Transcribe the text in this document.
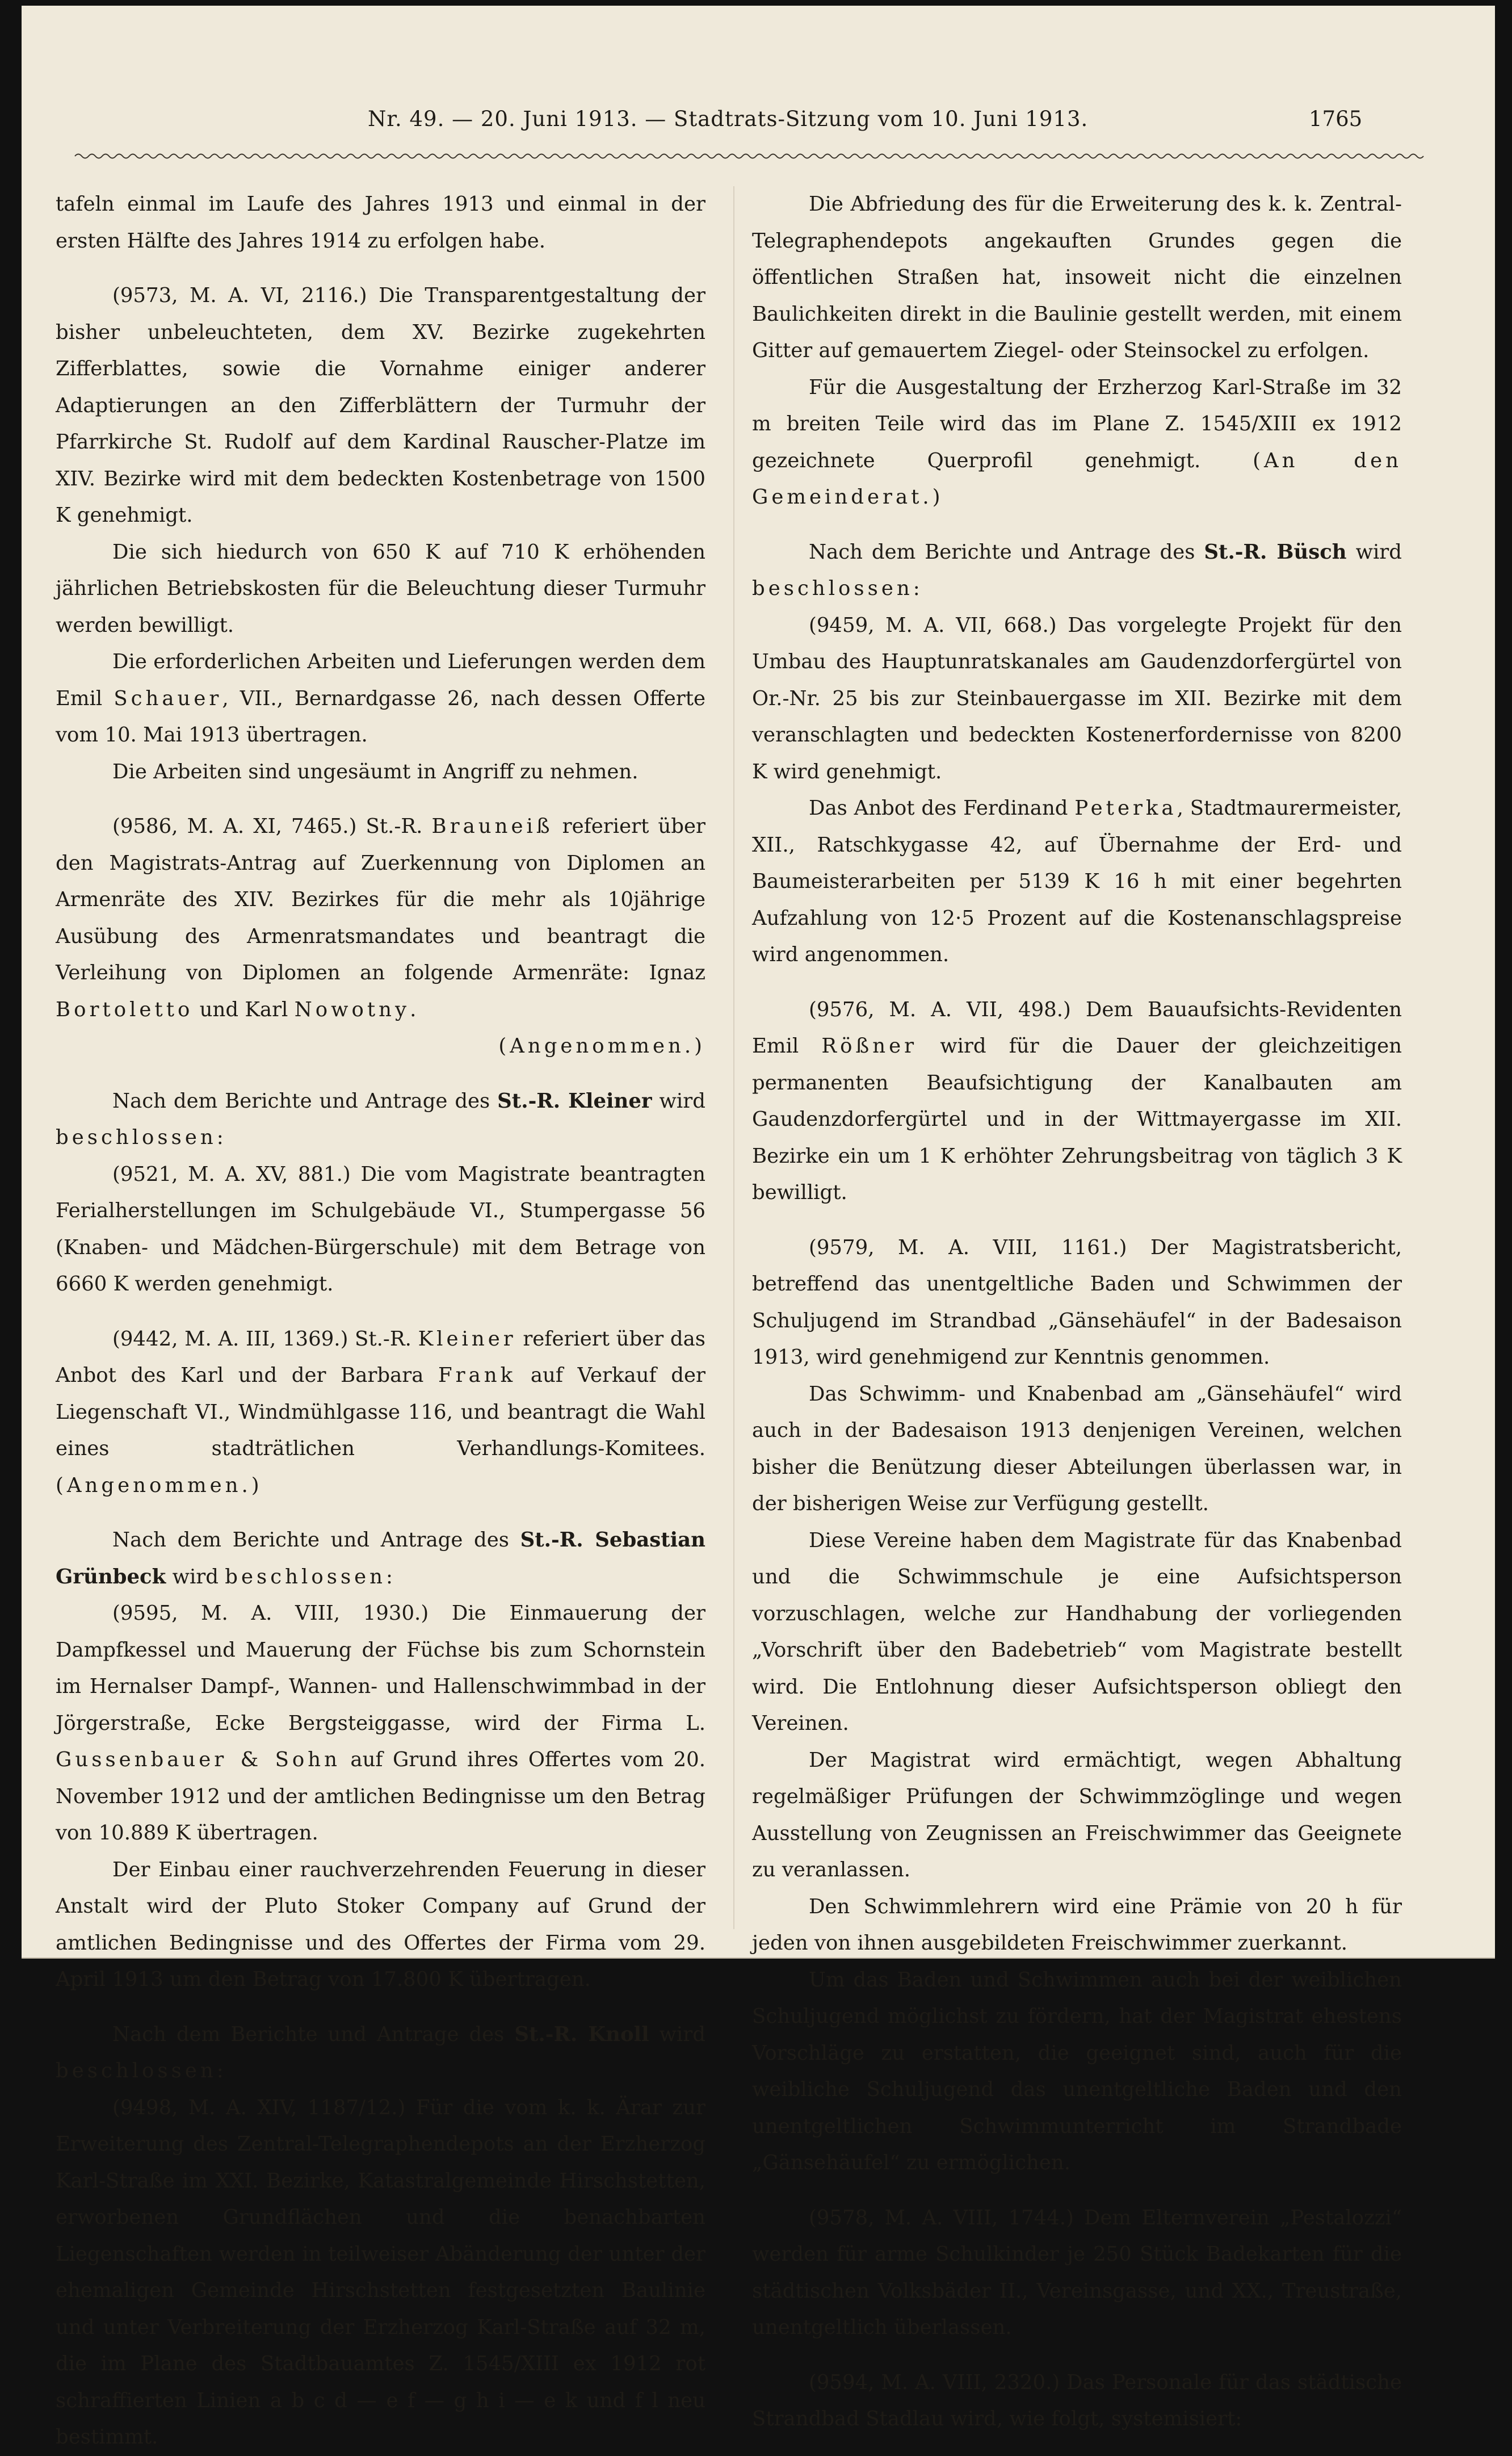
Nr. 49. — 20. Juni 1913. — Stadtrats-Sitzung vom 10. Juni 1913.	1765

tafeln einmal im Laufe des Jahres 1913 und einmal in der ersten Hälfte des Jahres 1914 zu erfolgen habe.

(9573, M. A. VI, 2116.) Die Transparentgestaltung der bisher unbeleuchteten, dem XV. Bezirke zugekehrten Zifferblattes, sowie die Vornahme einiger anderer Adaptierungen an den Zifferblättern der Turmuhr der Pfarrkirche St. Rudolf auf dem Kardinal Rauscher-Platze im XIV. Bezirke wird mit dem bedeckten Kostenbetrage von 1500 K genehmigt.

Die sich hiedurch von 650 K auf 710 K erhöhenden jährlichen Betriebskosten für die Beleuchtung dieser Turmuhr werden bewilligt.

Die erforderlichen Arbeiten und Lieferungen werden dem Emil Schauer, VII., Bernardgasse 26, nach dessen Offerte vom 10. Mai 1913 übertragen.

Die Arbeiten sind ungesäumt in Angriff zu nehmen.

(9586, M. A. XI, 7465.) St.-R. Brauneiß referiert über den Magistrats-Antrag auf Zuerkennung von Diplomen an Armenräte des XIV. Bezirkes für die mehr als 10jährige Ausübung des Armenratsmandates und beantragt die Verleihung von Diplomen an folgende Armenräte: Ignaz Bortoletto und Karl Nowotny.

(Angenommen.)

Nach dem Berichte und Antrage des St.-R. Kleiner wird beschlossen:

(9521, M. A. XV, 881.) Die vom Magistrate beantragten Ferialherstellungen im Schulgebäude VI., Stumpergasse 56 (Knaben- und Mädchen-Bürgerschule) mit dem Betrage von 6660 K werden genehmigt.

(9442, M. A. III, 1369.) St.-R. Kleiner referiert über das Anbot des Karl und der Barbara Frank auf Verkauf der Liegenschaft VI., Windmühlgasse 116, und beantragt die Wahl eines stadträtlichen Verhandlungs-Komitees. (Angenommen.)

Nach dem Berichte und Antrage des St.-R. Sebastian Grünbeck wird beschlossen:

(9595, M. A. VIII, 1930.) Die Einmauerung der Dampfkessel und Mauerung der Füchse bis zum Schornstein im Hernalser Dampf-, Wannen- und Hallenschwimmbad in der Jörgerstraße, Ecke Bergsteiggasse, wird der Firma L. Gussenbauer & Sohn auf Grund ihres Offertes vom 20. November 1912 und der amtlichen Bedingnisse um den Betrag von 10.889 K übertragen.

Der Einbau einer rauchverzehrenden Feuerung in dieser Anstalt wird der Pluto Stoker Company auf Grund der amtlichen Bedingnisse und des Offertes der Firma vom 29. April 1913 um den Betrag von 17.800 K übertragen.

Nach dem Berichte und Antrage des St.-R. Knoll wird beschlossen:

(9498, M. A. XIV, 1187/12.) Für die vom k. k. Ärar zur Erweiterung des Zentral-Telegraphendepots an der Erzherzog Karl-Straße im XXI. Bezirke, Katastralgemeinde Hirschstetten, erworbenen Grundflächen und die benachbarten Liegenschaften werden in teilweiser Abänderung der unter der ehemaligen Gemeinde Hirschstetten festgesetzten Baulinie und unter Verbreiterung der Erzherzog Karl-Straße auf 32 m, die im Plane des Stadtbauamtes Z. 1545/XIII ex 1912 rot schraffierten Linien a b c d — e f — g h i — e k und f l neu bestimmt.

Die Abfriedung des für die Erweiterung des k. k. Zentral-Telegraphendepots angekauften Grundes gegen die öffentlichen Straßen hat, insoweit nicht die einzelnen Baulichkeiten direkt in die Baulinie gestellt werden, mit einem Gitter auf gemauertem Ziegel- oder Steinsockel zu erfolgen.

Für die Ausgestaltung der Erzherzog Karl-Straße im 32 m breiten Teile wird das im Plane Z. 1545/XIII ex 1912 gezeichnete Querprofil genehmigt.	(An den Gemeinderat.)

Nach dem Berichte und Antrage des St.-R. Büsch wird beschlossen:

(9459, M. A. VII, 668.) Das vorgelegte Projekt für den Umbau des Hauptunratskanales am Gaudenzdorfergürtel von Or.-Nr. 25 bis zur Steinbauergasse im XII. Bezirke mit dem veranschlagten und bedeckten Kostenerfordernisse von 8200 K wird genehmigt.

Das Anbot des Ferdinand Peterka, Stadtmaurermeister, XII., Ratschkygasse 42, auf Übernahme der Erd- und Baumeisterarbeiten per 5139 K 16 h mit einer begehrten Aufzahlung von 12·5 Prozent auf die Kostenanschlagspreise wird angenommen.

(9576, M. A. VII, 498.) Dem Bauaufsichts-Revidenten Emil Rößner wird für die Dauer der gleichzeitigen permanenten Beaufsichtigung der Kanalbauten am Gaudenzdorfergürtel und in der Wittmayergasse im XII. Bezirke ein um 1 K erhöhter Zehrungsbeitrag von täglich 3 K bewilligt.

(9579, M. A. VIII, 1161.) Der Magistratsbericht, betreffend das unentgeltliche Baden und Schwimmen der Schuljugend im Strandbad „Gänsehäufel“ in der Badesaison 1913, wird genehmigend zur Kenntnis genommen.

Das Schwimm- und Knabenbad am „Gänsehäufel“ wird auch in der Badesaison 1913 denjenigen Vereinen, welchen bisher die Benützung dieser Abteilungen überlassen war, in der bisherigen Weise zur Verfügung gestellt.

Diese Vereine haben dem Magistrate für das Knabenbad und die Schwimmschule je eine Aufsichtsperson vorzuschlagen, welche zur Handhabung der vorliegenden „Vorschrift über den Badebetrieb“ vom Magistrate bestellt wird. Die Entlohnung dieser Aufsichtsperson obliegt den Vereinen.

Der Magistrat wird ermächtigt, wegen Abhaltung regelmäßiger Prüfungen der Schwimmzöglinge und wegen Ausstellung von Zeugnissen an Freischwimmer das Geeignete zu veranlassen.

Den Schwimmlehrern wird eine Prämie von 20 h für jeden von ihnen ausgebildeten Freischwimmer zuerkannt.

Um das Baden und Schwimmen auch bei der weiblichen Schuljugend möglichst zu fördern, hat der Magistrat ehestens Vorschläge zu erstatten, die geeignet sind, auch für die weibliche Schuljugend das unentgeltliche Baden und den unentgeltlichen Schwimmunterricht im Strandbade „Gänsehäufel“ zu ermöglichen.

(9578, M. A. VIII, 1744.) Dem Elternverein „Pestalozzi“ werden für arme Schulkinder je 250 Stück Badekarten für die städtischen Volksbäder II., Vereinsgasse, und XX., Treustraße, unentgeltlich überlassen.

(9594, M. A. VIII, 2320.) Das Personale für das städtische Strandbad Stadlau wird, wie folgt, systemisiert:
